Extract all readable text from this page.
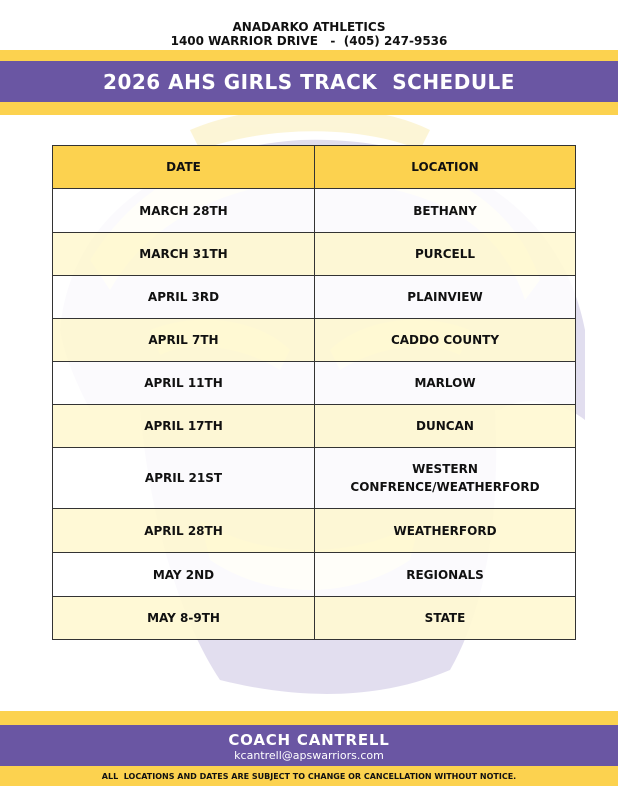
ANADARKO ATHLETICS
1400 WARRIOR DRIVE   -  (405) 247-9536
2026 AHS GIRLS TRACK  SCHEDULE
DATE	LOCATION
MARCH 28TH	BETHANY
MARCH 31TH	PURCELL
APRIL 3RD	PLAINVIEW
APRIL 7TH	CADDO COUNTY
APRIL 11TH	MARLOW
APRIL 17TH	DUNCAN
APRIL 21ST	WESTERN
CONFRENCE/WEATHERFORD

APRIL 28TH	WEATHERFORD
MAY 2ND	REGIONALS
MAY 8-9TH	STATE
COACH CANTRELL
kcantrell@apswarriors.com
ALL  LOCATIONS AND DATES ARE SUBJECT TO CHANGE OR CANCELLATION WITHOUT NOTICE.
